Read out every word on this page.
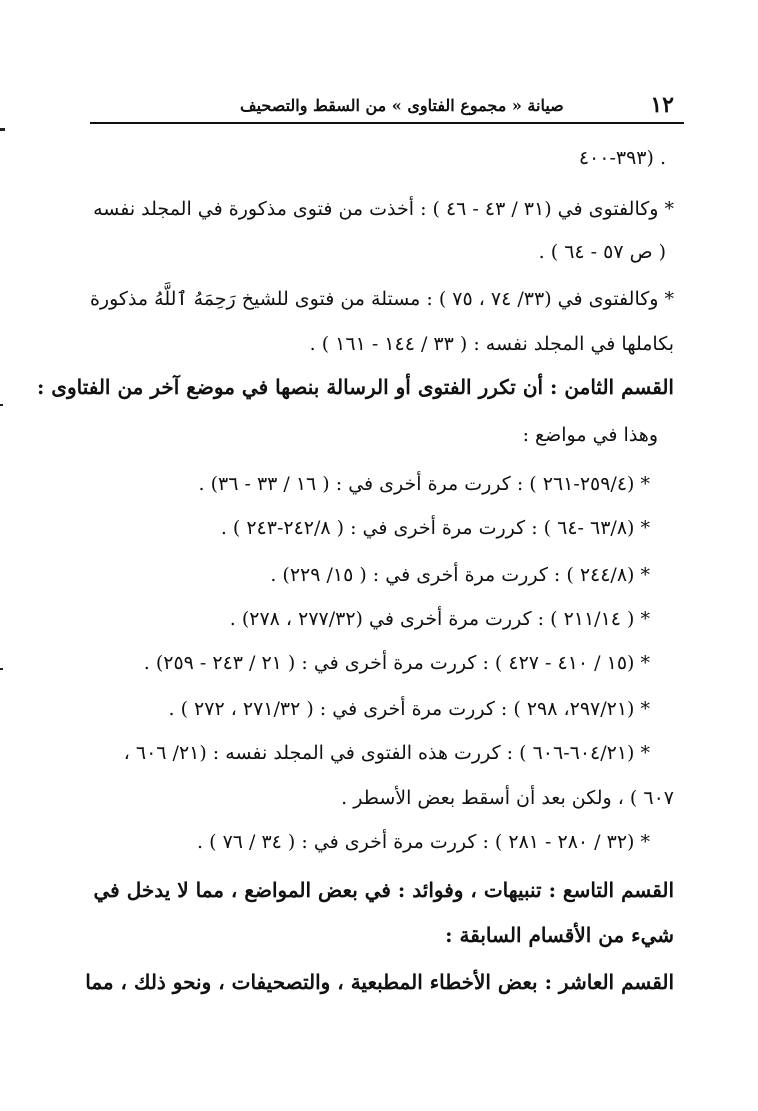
١٢
صيانة « مجموع الفتاوى » من السقط والتصحيف
٣٩٣-٤٠٠) .
* وكالفتوى في (٣١ / ٤٣ - ٤٦ ) : أخذت من فتوى مذكورة في المجلد نفسه
( ص ٥٧ - ٦٤ ) .
* وكالفتوى في (٣٣/ ٧٤ ، ٧٥ ) : مستلة من فتوى للشيخ رَحِمَهُ ٱللَّهُ مذكورة
بكاملها في المجلد نفسه : ( ٣٣ / ١٤٤ - ١٦١ ) .
القسم الثامن : أن تكرر الفتوى أو الرسالة بنصها في موضع آخر من الفتاوى :
وهذا في مواضع :
* (٢٥٩/٤-٢٦١ ) : كررت مرة أخرى في : ( ١٦ / ٣٣ - ٣٦) .
* (٦٣/٨ -٦٤ ) : كررت مرة أخرى في : ( ٢٤٢/٨-٢٤٣ ) .
* (٢٤٤/٨ ) : كررت مرة أخرى في : ( ١٥/ ٢٢٩) .
* ( ٢١١/١٤ ) : كررت مرة أخرى في (٢٧٧/٣٢ ، ٢٧٨) .
* (١٥ / ٤١٠ - ٤٢٧ ) : كررت مرة أخرى في : ( ٢١ / ٢٤٣ - ٢٥٩) .
* (٢٩٧/٢١، ٢٩٨ ) : كررت مرة أخرى في : ( ٢٧١/٣٢ ، ٢٧٢ ) .
* (٦٠٤/٢١-٦٠٦ ) : كررت هذه الفتوى في المجلد نفسه : (٢١/ ٦٠٦ ،
٦٠٧ ) ، ولكن بعد أن أسقط بعض الأسطر .
* (٣٢ / ٢٨٠ - ٢٨١ ) : كررت مرة أخرى في : ( ٣٤ / ٧٦ ) .
القسم التاسع : تنبيهات ، وفوائد : في بعض المواضع ، مما لا يدخل في
شيء من الأقسام السابقة :
القسم العاشر : بعض الأخطاء المطبعية ، والتصحيفات ، ونحو ذلك ، مما
